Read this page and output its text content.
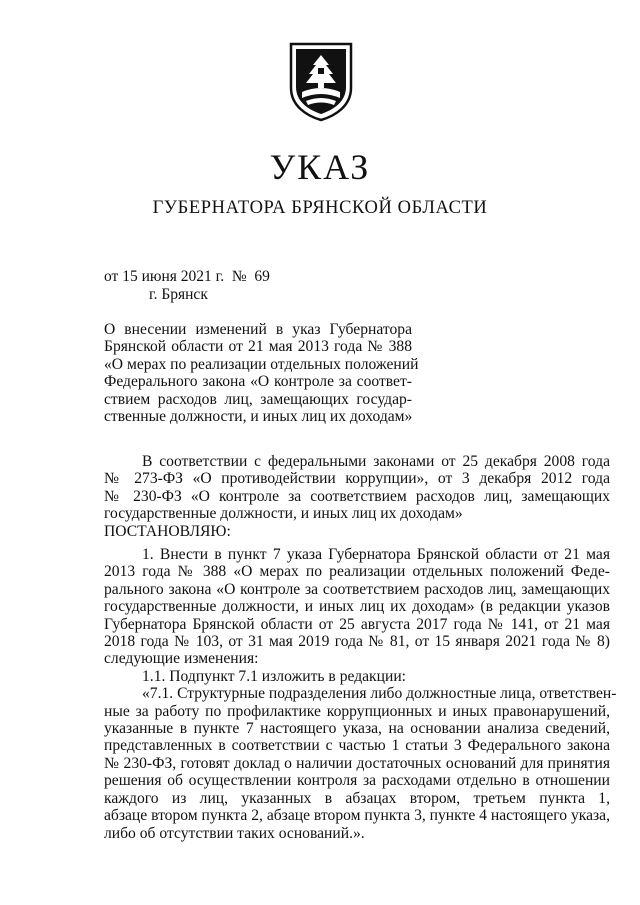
УКАЗ
ГУБЕРНАТОРА БРЯНСКОЙ ОБЛАСТИ
от 15 июня 2021 г.  №  69
г. Брянск
О внесении изменений в указ Губернатора
Брянской области от 21 мая 2013 года № 388
«О мерах по реализации отдельных положений
Федерального закона «О контроле за соответ-
ствием расходов лиц, замещающих государ-
ственные должности, и иных лиц их доходам»
В соответствии с федеральными законами от 25 декабря 2008 года
№ 273-ФЗ «О противодействии коррупции», от 3 декабря 2012 года
№ 230-ФЗ «О контроле за соответствием расходов лиц, замещающих
государственные должности, и иных лиц их доходам»
ПОСТАНОВЛЯЮ:
1. Внести в пункт 7 указа Губернатора Брянской области от 21 мая
2013 года № 388 «О мерах по реализации отдельных положений Феде-
рального закона «О контроле за соответствием расходов лиц, замещающих
государственные должности, и иных лиц их доходам» (в редакции указов
Губернатора Брянской области от 25 августа 2017 года № 141, от 21 мая
2018 года № 103, от 31 мая 2019 года № 81, от 15 января 2021 года № 8)
следующие изменения:
1.1. Подпункт 7.1 изложить в редакции:
«7.1. Структурные подразделения либо должностные лица, ответствен-
ные за работу по профилактике коррупционных и иных правонарушений,
указанные в пункте 7 настоящего указа, на основании анализа сведений,
представленных в соответствии с частью 1 статьи 3 Федерального закона
№ 230-ФЗ, готовят доклад о наличии достаточных оснований для принятия
решения об осуществлении контроля за расходами отдельно в отношении
каждого из лиц, указанных в абзацах втором, третьем пункта 1,
абзаце втором пункта 2, абзаце втором пункта 3, пункте 4 настоящего указа,
либо об отсутствии таких оснований.».
